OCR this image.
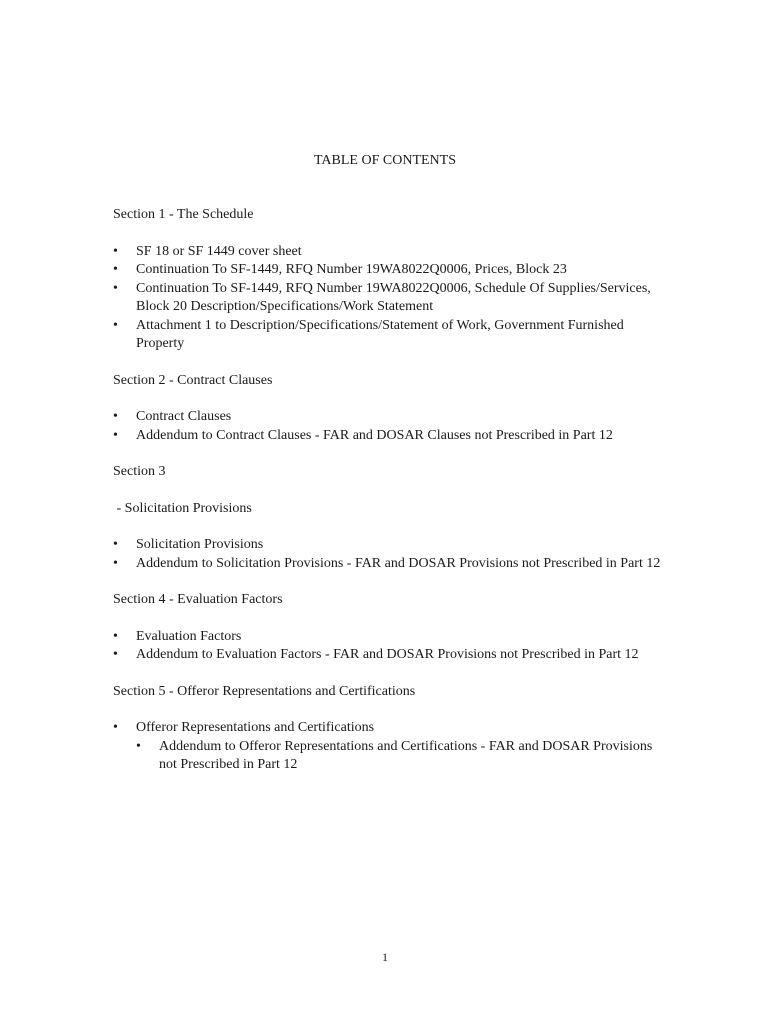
TABLE OF CONTENTS

Section 1 - The Schedule

• SF 18 or SF 1449 cover sheet
• Continuation To SF-1449, RFQ Number 19WA8022Q0006, Prices, Block 23
• Continuation To SF-1449, RFQ Number 19WA8022Q0006, Schedule Of Supplies/Services, Block 20 Description/Specifications/Work Statement
• Attachment 1 to Description/Specifications/Statement of Work, Government Furnished Property

Section 2 - Contract Clauses

• Contract Clauses
• Addendum to Contract Clauses - FAR and DOSAR Clauses not Prescribed in Part 12

Section 3

- Solicitation Provisions

• Solicitation Provisions
• Addendum to Solicitation Provisions - FAR and DOSAR Provisions not Prescribed in Part 12

Section 4 - Evaluation Factors

• Evaluation Factors
• Addendum to Evaluation Factors - FAR and DOSAR Provisions not Prescribed in Part 12

Section 5 - Offeror Representations and Certifications

• Offeror Representations and Certifications
• Addendum to Offeror Representations and Certifications - FAR and DOSAR Provisions not Prescribed in Part 12
1
